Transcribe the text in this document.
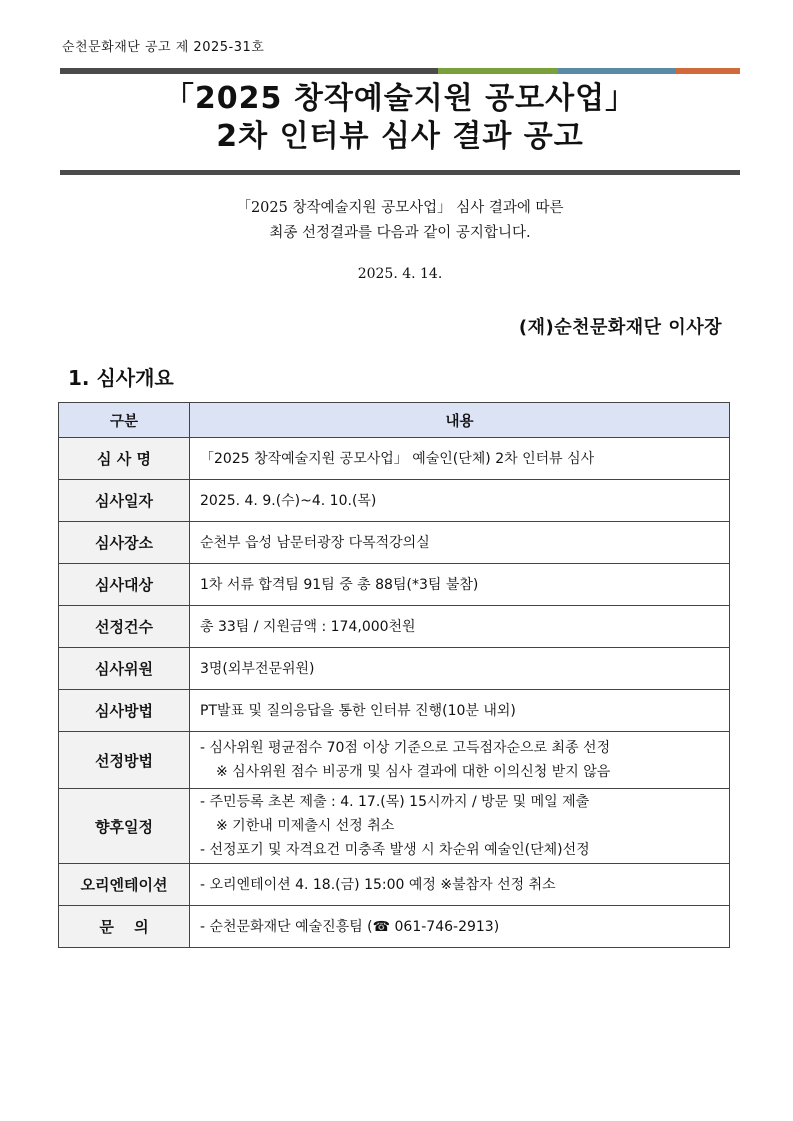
순천문화재단 공고 제 2025-31호
「2025 창작예술지원 공모사업」
2차 인터뷰 심사 결과 공고
「2025 창작예술지원 공모사업」 심사 결과에 따른
최종 선정결과를 다음과 같이 공지합니다.
2025. 4. 14.
(재)순천문화재단 이사장
1. 심사개요
구분	내용
심 사 명	「2025 창작예술지원 공모사업」 예술인(단체) 2차 인터뷰 심사
심사일자	2025. 4. 9.(수)~4. 10.(목)
심사장소	순천부 읍성 남문터광장 다목적강의실
심사대상	1차 서류 합격팀 91팀 중 총 88팀(*3팀 불참)
선정건수	총 33팀 / 지원금액 : 174,000천원
심사위원	3명(외부전문위원)
심사방법	PT발표 및 질의응답을 통한 인터뷰 진행(10분 내외)
선정방법	- 심사위원 평균점수 70점 이상 기준으로 고득점자순으로 최종 선정
※ 심사위원 점수 비공개 및 심사 결과에 대한 이의신청 받지 않음

향후일정	- 주민등록 초본 제출 : 4. 17.(목) 15시까지 / 방문 및 메일 제출
※ 기한내 미제출시 선정 취소
- 선정포기 및 자격요건 미충족 발생 시 차순위 예술인(단체)선정

오리엔테이션	- 오리엔테이션 4. 18.(금) 15:00 예정 ※불참자 선정 취소
문　 의	- 순천문화재단 예술진흥팀 (☎ 061-746-2913)
